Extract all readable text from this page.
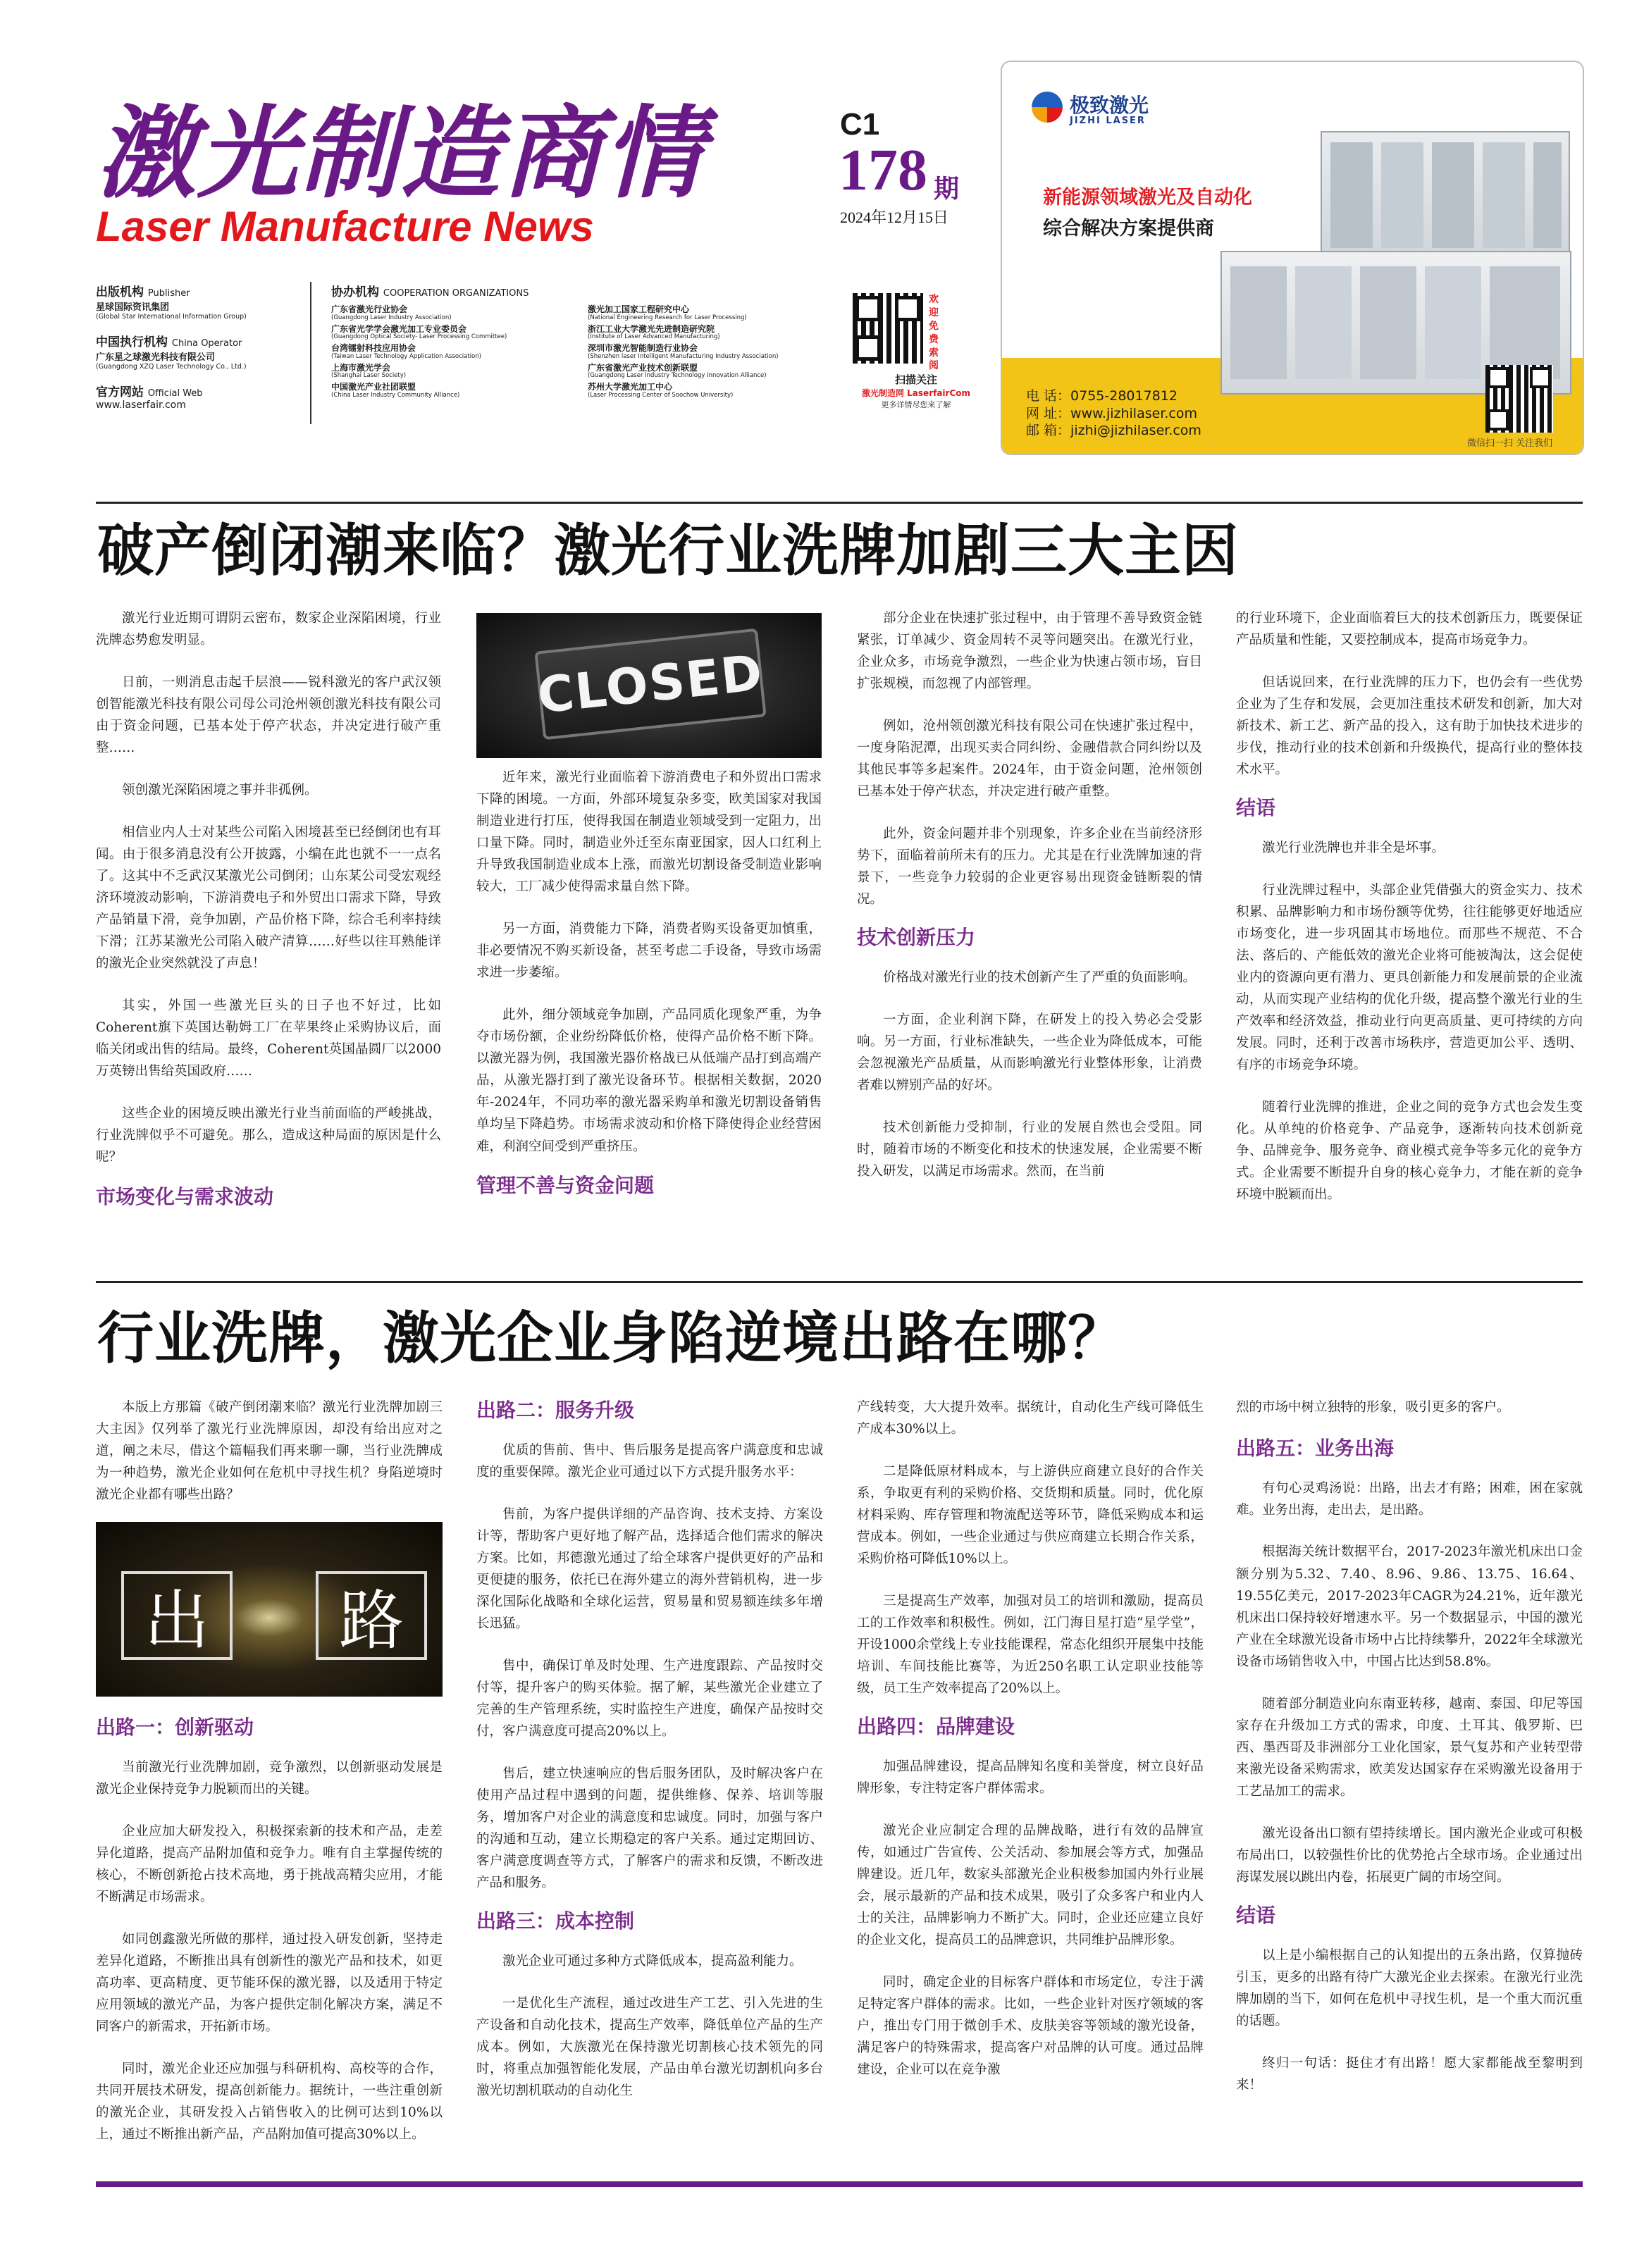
激光制造商情
Laser Manufacture News
C1
178 期
2024年12月15日
出版机构 Publisher
星球国际资讯集团
(Global Star International Information Group)
中国执行机构 China Operator
广东星之球激光科技有限公司
(Guangdong XZQ Laser Technology Co., Ltd.)
官方网站 Official Web
www.laserfair.com
协办机构 COOPERATION ORGANIZATIONS
广东省激光行业协会
(Guangdong Laser Industry Association)
广东省光学学会激光加工专业委员会
(Guangdong Optical Society- Laser Processing Committee)
台湾镭射科技应用协会
(Taiwan Laser Technology Application Association)
上海市激光学会
(Shanghai Laser Society)
中国激光产业社团联盟
(China Laser Industry Community Alliance)
激光加工国家工程研究中心
(National Engineering Research for Laser Processing)
浙江工业大学激光先进制造研究院
(Institute of Laser Advanced Manufacturing)
深圳市激光智能制造行业协会
(Shenzhen laser Intelligent Manufacturing Industry Association)
广东省激光产业技术创新联盟
(Guangdong Laser Industry Technology Innovation Alliance)
苏州大学激光加工中心
(Laser Processing Center of Soochow University)
欢迎免费索阅
扫描关注
激光制造网 LaserfairCom
更多详情尽您来了解
极致激光
JIZHI LASER
新能源领域激光及自动化
综合解决方案提供商
电 话：0755-28017812
网 址：www.jizhilaser.com
邮 箱：jizhi@jizhilaser.com
微信扫一扫 关注我们
破产倒闭潮来临？激光行业洗牌加剧三大主因

激光行业近期可谓阴云密布，数家企业深陷困境，行业洗牌态势愈发明显。

日前，一则消息击起千层浪——锐科激光的客户武汉领创智能激光科技有限公司母公司沧州领创激光科技有限公司由于资金问题，已基本处于停产状态，并决定进行破产重整……

领创激光深陷困境之事并非孤例。

相信业内人士对某些公司陷入困境甚至已经倒闭也有耳闻。由于很多消息没有公开披露，小编在此也就不一一点名了。这其中不乏武汉某激光公司倒闭；山东某公司受宏观经济环境波动影响，下游消费电子和外贸出口需求下降，导致产品销量下滑，竞争加剧，产品价格下降，综合毛利率持续下滑；江苏某激光公司陷入破产清算……好些以往耳熟能详的激光企业突然就没了声息！

其实，外国一些激光巨头的日子也不好过，比如Coherent旗下英国达勒姆工厂在苹果终止采购协议后，面临关闭或出售的结局。最终，Coherent英国晶圆厂以2000万英镑出售给英国政府……

这些企业的困境反映出激光行业当前面临的严峻挑战，行业洗牌似乎不可避免。那么，造成这种局面的原因是什么呢？

市场变化与需求波动
CLOSED

近年来，激光行业面临着下游消费电子和外贸出口需求下降的困境。一方面，外部环境复杂多变，欧美国家对我国制造业进行打压，使得我国在制造业领域受到一定阻力，出口量下降。同时，制造业外迁至东南亚国家，因人口红利上升导致我国制造业成本上涨，而激光切割设备受制造业影响较大，工厂减少使得需求量自然下降。

另一方面，消费能力下降，消费者购买设备更加慎重，非必要情况不购买新设备，甚至考虑二手设备，导致市场需求进一步萎缩。

此外，细分领域竞争加剧，产品同质化现象严重，为争夺市场份额，企业纷纷降低价格，使得产品价格不断下降。以激光器为例，我国激光器价格战已从低端产品打到高端产品，从激光器打到了激光设备环节。根据相关数据，2020年-2024年，不同功率的激光器采购单和激光切割设备销售单均呈下降趋势。市场需求波动和价格下降使得企业经营困难，利润空间受到严重挤压。

管理不善与资金问题

部分企业在快速扩张过程中，由于管理不善导致资金链紧张，订单减少、资金周转不灵等问题突出。在激光行业，企业众多，市场竞争激烈，一些企业为快速占领市场，盲目扩张规模，而忽视了内部管理。

例如，沧州领创激光科技有限公司在快速扩张过程中，一度身陷泥潭，出现买卖合同纠纷、金融借款合同纠纷以及其他民事等多起案件。2024年，由于资金问题，沧州领创已基本处于停产状态，并决定进行破产重整。

此外，资金问题并非个别现象，许多企业在当前经济形势下，面临着前所未有的压力。尤其是在行业洗牌加速的背景下，一些竞争力较弱的企业更容易出现资金链断裂的情况。

技术创新压力

价格战对激光行业的技术创新产生了严重的负面影响。

一方面，企业利润下降，在研发上的投入势必会受影响。另一方面，行业标准缺失，一些企业为降低成本，可能会忽视激光产品质量，从而影响激光行业整体形象，让消费者难以辨别产品的好坏。

技术创新能力受抑制，行业的发展自然也会受阻。同时，随着市场的不断变化和技术的快速发展，企业需要不断投入研发，以满足市场需求。然而，在当前

的行业环境下，企业面临着巨大的技术创新压力，既要保证产品质量和性能，又要控制成本，提高市场竞争力。

但话说回来，在行业洗牌的压力下，也仍会有一些优势企业为了生存和发展，会更加注重技术研发和创新，加大对新技术、新工艺、新产品的投入，这有助于加快技术进步的步伐，推动行业的技术创新和升级换代，提高行业的整体技术水平。

结语

激光行业洗牌也并非全是坏事。

行业洗牌过程中，头部企业凭借强大的资金实力、技术积累、品牌影响力和市场份额等优势，往往能够更好地适应市场变化，进一步巩固其市场地位。而那些不规范、不合法、落后的、产能低效的激光企业将可能被淘汰，这会促使业内的资源向更有潜力、更具创新能力和发展前景的企业流动，从而实现产业结构的优化升级，提高整个激光行业的生产效率和经济效益，推动业行向更高质量、更可持续的方向发展。同时，还利于改善市场秩序，营造更加公平、透明、有序的市场竞争环境。

随着行业洗牌的推进，企业之间的竞争方式也会发生变化。从单纯的价格竞争、产品竞争，逐渐转向技术创新竞争、品牌竞争、服务竞争、商业模式竞争等多元化的竞争方式。企业需要不断提升自身的核心竞争力，才能在新的竞争环境中脱颖而出。

行业洗牌，激光企业身陷逆境出路在哪？

本版上方那篇《破产倒闭潮来临？激光行业洗牌加剧三大主因》仅列举了激光行业洗牌原因，却没有给出应对之道，阐之未尽，借这个篇幅我们再来聊一聊，当行业洗牌成为一种趋势，激光企业如何在危机中寻找生机？身陷逆境时激光企业都有哪些出路？

出	路
出路一：创新驱动

当前激光行业洗牌加剧，竞争激烈，以创新驱动发展是激光企业保持竞争力脱颖而出的关键。

企业应加大研发投入，积极探索新的技术和产品，走差异化道路，提高产品附加值和竞争力。唯有自主掌握传统的核心，不断创新抢占技术高地，勇于挑战高精尖应用，才能不断满足市场需求。

如同创鑫激光所做的那样，通过投入研发创新，坚持走差异化道路，不断推出具有创新性的激光产品和技术，如更高功率、更高精度、更节能环保的激光器，以及适用于特定应用领域的激光产品，为客户提供定制化解决方案，满足不同客户的新需求，开拓新市场。

同时，激光企业还应加强与科研机构、高校等的合作，共同开展技术研发，提高创新能力。据统计，一些注重创新的激光企业，其研发投入占销售收入的比例可达到10%以上，通过不断推出新产品，产品附加值可提高30%以上。

出路二：服务升级

优质的售前、售中、售后服务是提高客户满意度和忠诚度的重要保障。激光企业可通过以下方式提升服务水平：

售前，为客户提供详细的产品咨询、技术支持、方案设计等，帮助客户更好地了解产品，选择适合他们需求的解决方案。比如，邦德激光通过了给全球客户提供更好的产品和更便捷的服务，依托已在海外建立的海外营销机构，进一步深化国际化战略和全球化运营，贸易量和贸易额连续多年增长迅猛。

售中，确保订单及时处理、生产进度跟踪、产品按时交付等，提升客户的购买体验。据了解，某些激光企业建立了完善的生产管理系统，实时监控生产进度，确保产品按时交付，客户满意度可提高20%以上。

售后，建立快速响应的售后服务团队，及时解决客户在使用产品过程中遇到的问题，提供维修、保养、培训等服务，增加客户对企业的满意度和忠诚度。同时，加强与客户的沟通和互动，建立长期稳定的客户关系。通过定期回访、客户满意度调查等方式，了解客户的需求和反馈，不断改进产品和服务。

出路三：成本控制

激光企业可通过多种方式降低成本，提高盈利能力。

一是优化生产流程，通过改进生产工艺、引入先进的生产设备和自动化技术，提高生产效率，降低单位产品的生产成本。例如，大族激光在保持激光切割核心技术领先的同时，将重点加强智能化发展，产品由单台激光切割机向多台激光切割机联动的自动化生

产线转变，大大提升效率。据统计，自动化生产线可降低生产成本30%以上。

二是降低原材料成本，与上游供应商建立良好的合作关系，争取更有利的采购价格、交货期和质量。同时，优化原材料采购、库存管理和物流配送等环节，降低采购成本和运营成本。例如，一些企业通过与供应商建立长期合作关系，采购价格可降低10%以上。

三是提高生产效率，加强对员工的培训和激励，提高员工的工作效率和积极性。例如，江门海目星打造“星学堂”，开设1000余堂线上专业技能课程，常态化组织开展集中技能培训、车间技能比赛等，为近250名职工认定职业技能等级，员工生产效率提高了20%以上。

出路四：品牌建设

加强品牌建设，提高品牌知名度和美誉度，树立良好品牌形象，专注特定客户群体需求。

激光企业应制定合理的品牌战略，进行有效的品牌宣传，如通过广告宣传、公关活动、参加展会等方式，加强品牌建设。近几年，数家头部激光企业积极参加国内外行业展会，展示最新的产品和技术成果，吸引了众多客户和业内人士的关注，品牌影响力不断扩大。同时，企业还应建立良好的企业文化，提高员工的品牌意识，共同维护品牌形象。

同时，确定企业的目标客户群体和市场定位，专注于满足特定客户群体的需求。比如，一些企业针对医疗领域的客户，推出专门用于微创手术、皮肤美容等领域的激光设备，满足客户的特殊需求，提高客户对品牌的认可度。通过品牌建设，企业可以在竞争激

烈的市场中树立独特的形象，吸引更多的客户。

出路五：业务出海

有句心灵鸡汤说：出路，出去才有路；困难，困在家就难。业务出海，走出去，是出路。

根据海关统计数据平台，2017-2023年激光机床出口金额分别为5.32、7.40、8.96、9.86、13.75、16.64、19.55亿美元，2017-2023年CAGR为24.21%，近年激光机床出口保持较好增速水平。另一个数据显示，中国的激光产业在全球激光设备市场中占比持续攀升，2022年全球激光设备市场销售收入中，中国占比达到58.8%。

随着部分制造业向东南亚转移，越南、泰国、印尼等国家存在升级加工方式的需求，印度、土耳其、俄罗斯、巴西、墨西哥及非洲部分工业化国家，景气复苏和产业转型带来激光设备采购需求，欧美发达国家存在采购激光设备用于工艺品加工的需求。

激光设备出口额有望持续增长。国内激光企业或可积极布局出口，以较强性价比的优势抢占全球市场。企业通过出海谋发展以跳出内卷，拓展更广阔的市场空间。

结语

以上是小编根据自己的认知提出的五条出路，仅算抛砖引玉，更多的出路有待广大激光企业去探索。在激光行业洗牌加剧的当下，如何在危机中寻找生机，是一个重大而沉重的话题。

终归一句话：挺住才有出路！愿大家都能战至黎明到来！
